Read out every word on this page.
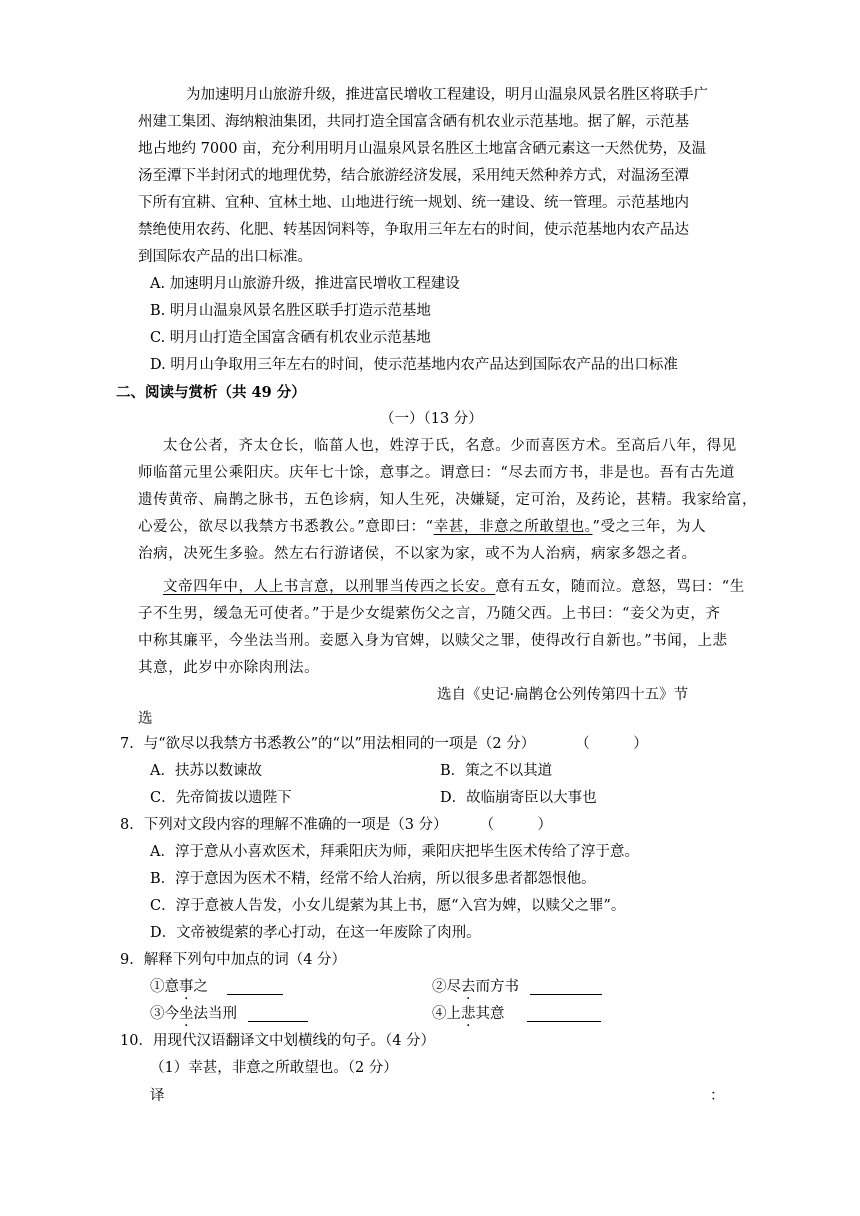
为加速明月山旅游升级，推进富民增收工程建设，明月山温泉风景名胜区将联手广
州建工集团、海纳粮油集团，共同打造全国富含硒有机农业示范基地。据了解，示范基
地占地约 7000 亩，充分利用明月山温泉风景名胜区土地富含硒元素这一天然优势，及温
汤至潭下半封闭式的地理优势，结合旅游经济发展，采用纯天然种养方式，对温汤至潭
下所有宜耕、宜种、宜林土地、山地进行统一规划、统一建设、统一管理。示范基地内
禁绝使用农药、化肥、转基因饲料等，争取用三年左右的时间，使示范基地内农产品达
到国际农产品的出口标准。
A. 加速明月山旅游升级，推进富民增收工程建设
B. 明月山温泉风景名胜区联手打造示范基地
C. 明月山打造全国富含硒有机农业示范基地
D. 明月山争取用三年左右的时间，使示范基地内农产品达到国际农产品的出口标准
二、阅读与赏析（共 49 分）
（一）（13 分）
太仓公者，齐太仓长，临菑人也，姓淳于氏，名意。少而喜医方术。至高后八年，得见
师临菑元里公乘阳庆。庆年七十馀，意事之。谓意曰：“尽去而方书，非是也。吾有古先道
遗传黄帝、扁鹊之脉书，五色诊病，知人生死，决嫌疑，定可治，及药论，甚精。我家给富，
心爱公，欲尽以我禁方书悉教公。”意即曰：“幸甚，非意之所敢望也。”受之三年，为人
治病，决死生多验。然左右行游诸侯，不以家为家，或不为人治病，病家多怨之者。
文帝四年中，人上书言意，以刑罪当传西之长安。意有五女，随而泣。意怒，骂曰：“生
子不生男，缓急无可使者。”于是少女缇萦伤父之言，乃随父西。上书曰：“妾父为吏，齐
中称其廉平，今坐法当刑。妾愿入身为官婢，以赎父之罪，使得改行自新也。”书闻，上悲
其意，此岁中亦除肉刑法。
选自《史记·扁鹊仓公列传第四十五》节
选
7．与“欲尽以我禁方书悉教公”的“以”用法相同的一项是（2 分）	（　　　）
A．扶苏以数谏故	B．策之不以其道
C．先帝简拔以遗陛下	D．故临崩寄臣以大事也
8．下列对文段内容的理解不准确的一项是（3 分） （　　　）
A．淳于意从小喜欢医术，拜乘阳庆为师，乘阳庆把毕生医术传给了淳于意。
B．淳于意因为医术不精，经常不给人治病，所以很多患者都怨恨他。
C．淳于意被人告发，小女儿缇萦为其上书，愿“入宫为婢，以赎父之罪”。
D．文帝被缇萦的孝心打动，在这一年废除了肉刑。
9．解释下列句中加点的词（4 分）
①意事之	②尽去而方书
③今坐法当刑	④上悲其意
10．用现代汉语翻译文中划横线的句子。（4 分）
（1）幸甚，非意之所敢望也。（2 分）
译	：
